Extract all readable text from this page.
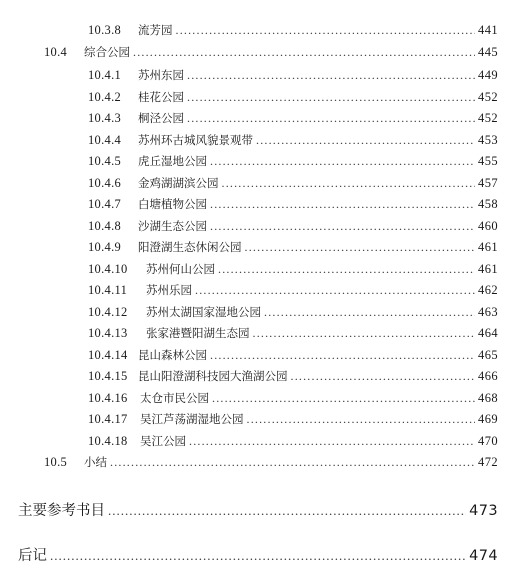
10.3.8	流芳园 .....	441
10.4	综合公园 .....	445
10.4.1	苏州东园 .....	449
10.4.2	桂花公园 .....	452
10.4.3	桐泾公园 .....	452
10.4.4	苏州环古城风貌景观带 .....	453
10.4.5	虎丘湿地公园 .....	455
10.4.6	金鸡湖湖滨公园 .....	457
10.4.7	白塘植物公园 .....	458
10.4.8	沙湖生态公园 .....	460
10.4.9	阳澄湖生态休闲公园 .....	461
10.4.10	苏州何山公园 .....	461
10.4.11	苏州乐园 .....	462
10.4.12	苏州太湖国家湿地公园 .....	463
10.4.13	张家港暨阳湖生态园 .....	464
10.4.14 昆山森林公园 .....	465
10.4.15 昆山阳澄湖科技园大渔湖公园 .....	466
10.4.16	太仓市民公园 .....	468
10.4.17	吴江芦荡湖湿地公园 .....	469
10.4.18	吴江公园 .....	470
10.5	小结 .....	472
主要参考书目 .....	473
后记 .....	474
